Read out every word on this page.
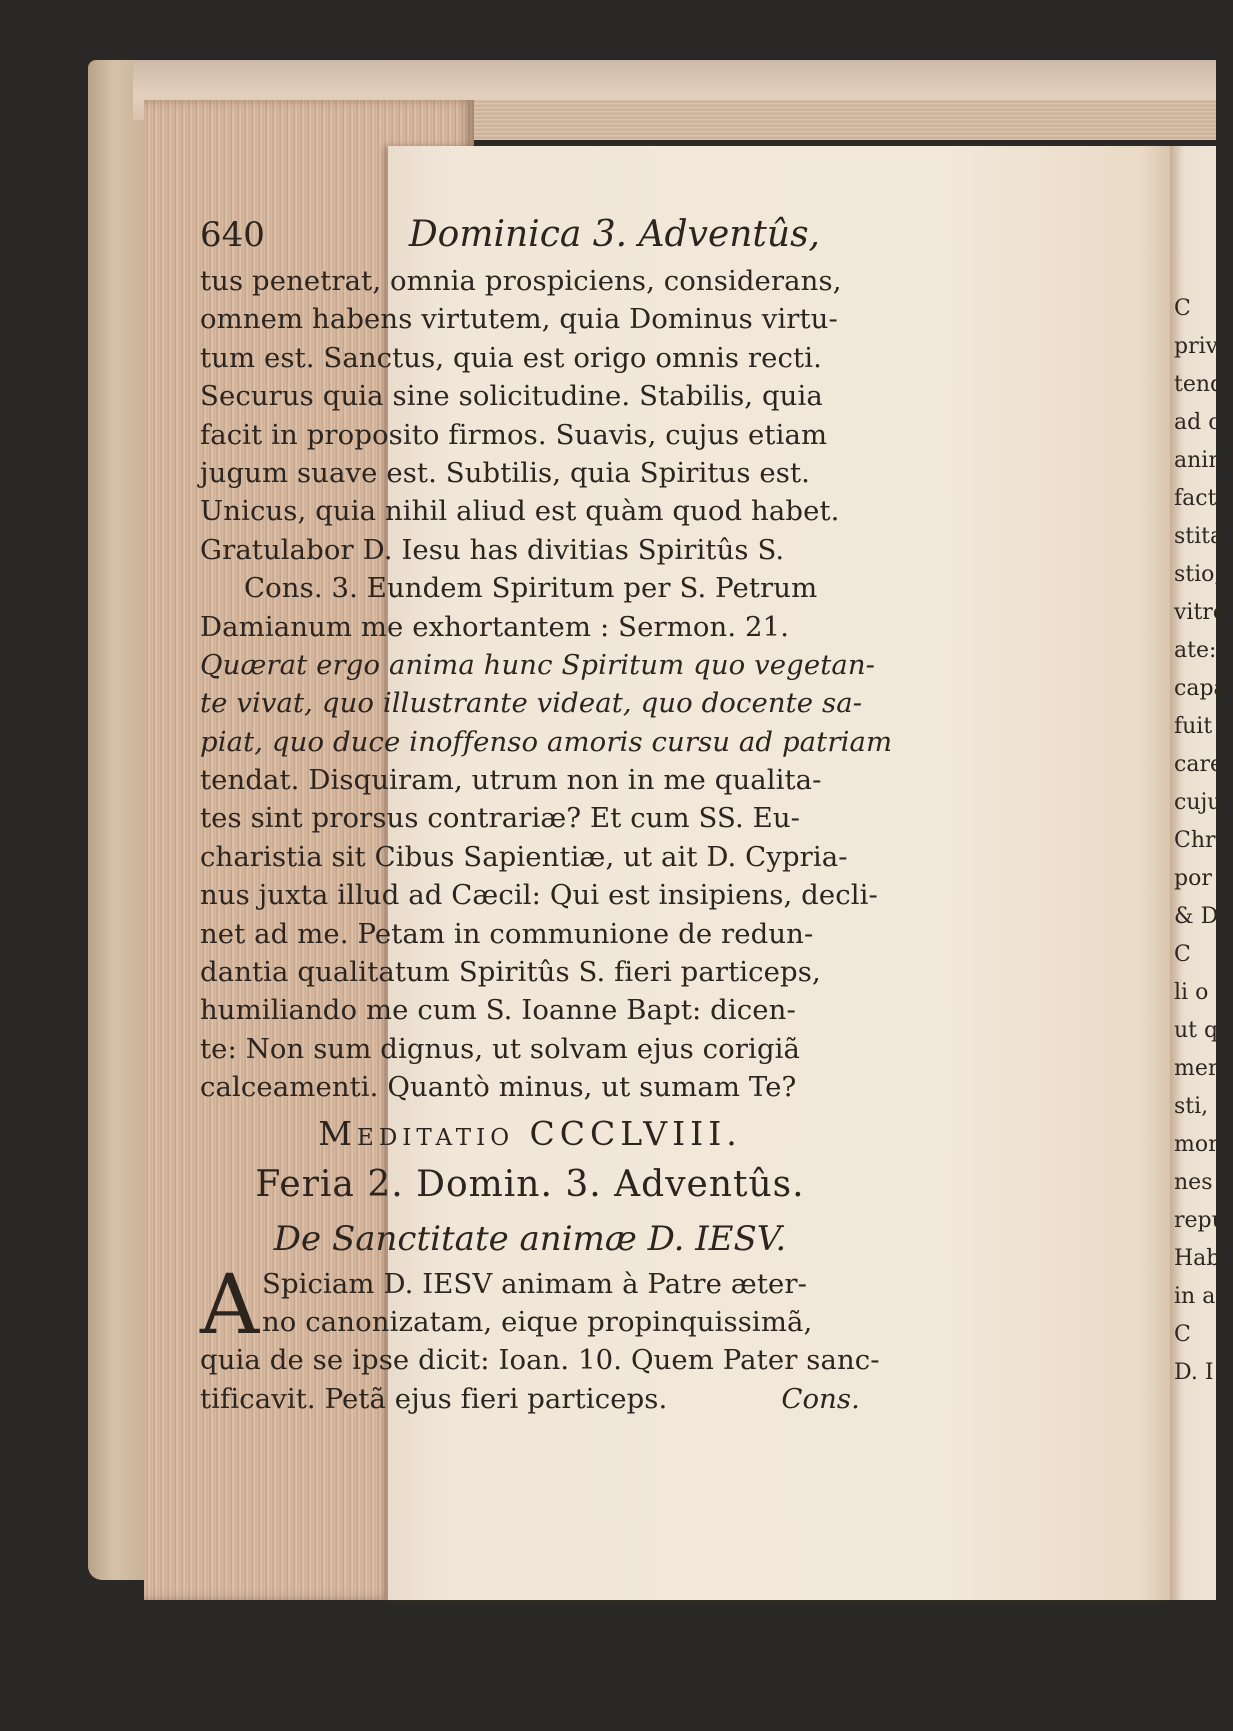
C
priv
tend
ad cc
anim
factâ
stita
stio,
vitre
ate:
capa
fuit
care
cuju
Chr
por
& D.
C
li o
ut q
mer
sti,
mor
nes
repu
Hab
in a
C
D. I
640	Dominica 3. Adventûs,
tus penetrat, omnia prospiciens, considerans,
omnem habens virtutem, quia Dominus virtu-
tum est. Sanctus, quia est origo omnis recti.
Securus quia sine solicitudine. Stabilis, quia
facit in proposito firmos. Suavis, cujus etiam
jugum suave est. Subtilis, quia Spiritus est.
Unicus, quia nihil aliud est quàm quod habet.
Gratulabor D. Iesu has divitias Spiritûs S.
Cons. 3. Eundem Spiritum per S. Petrum
Damianum me exhortantem : Sermon. 21.
Quærat ergo anima hunc Spiritum quo vegetan-
te vivat, quo illustrante videat, quo docente sa-
piat, quo duce inoffenso amoris cursu ad patriam
tendat. Disquiram, utrum non in me qualita-
tes sint prorsus contrariæ? Et cum SS. Eu-
charistia sit Cibus Sapientiæ, ut ait D. Cypria-
nus juxta illud ad Cæcil: Qui est insipiens, decli-
net ad me. Petam in communione de redun-
dantia qualitatum Spiritûs S. fieri particeps,
humiliando me cum S. Ioanne Bapt: dicen-
te: Non sum dignus, ut solvam ejus corigiã
calceamenti. Quantò minus, ut sumam Te?
Meditatio CCCLVIII.
Feria 2. Domin. 3. Adventûs.
De Sanctitate animæ D. IESV.
A Spiciam D. IESV animam à Patre æter-
no canonizatam, eique propinquissimã,
quia de se ipse dicit: Ioan. 10. Quem Pater sanc-
tificavit. Petã ejus fieri particeps.	Cons.
